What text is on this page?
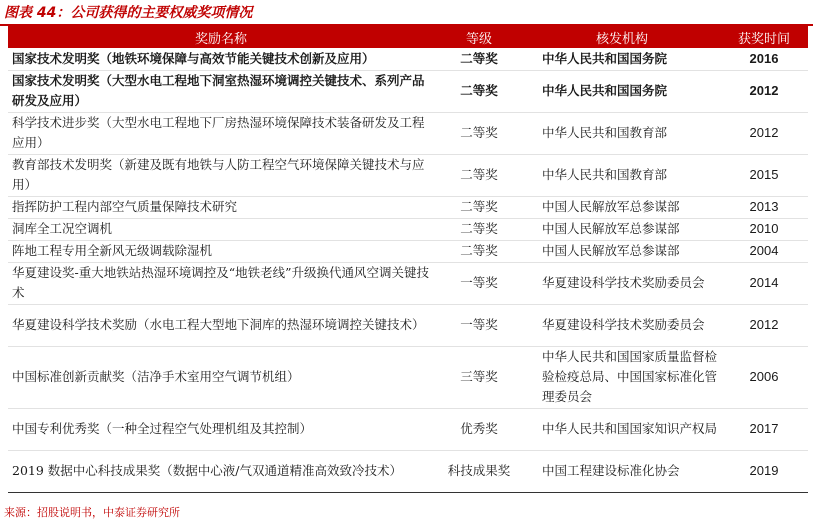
图表 44：公司获得的主要权威奖项情况
奖励名称	等级	核发机构	获奖时间
国家技术发明奖（地铁环境保障与高效节能关键技术创新及应用）	二等奖	中华人民共和国国务院	2016
国家技术发明奖（大型水电工程地下洞室热湿环境调控关键技术、系列产品研发及应用）	二等奖	中华人民共和国国务院	2012
科学技术进步奖（大型水电工程地下厂房热湿环境保障技术装备研发及工程应用）	二等奖	中华人民共和国教育部	2012
教育部技术发明奖（新建及既有地铁与人防工程空气环境保障关键技术与应用）	二等奖	中华人民共和国教育部	2015
指挥防护工程内部空气质量保障技术研究	二等奖	中国人民解放军总参谋部	2013
洞库全工况空调机	二等奖	中国人民解放军总参谋部	2010
阵地工程专用全新风无级调载除湿机	二等奖	中国人民解放军总参谋部	2004
华夏建设奖-重大地铁站热湿环境调控及“地铁老线”升级换代通风空调关键技术	一等奖	华夏建设科学技术奖励委员会	2014
华夏建设科学技术奖励（水电工程大型地下洞库的热湿环境调控关键技术）	一等奖	华夏建设科学技术奖励委员会	2012
中国标准创新贡献奖（洁净手术室用空气调节机组）	三等奖	中华人民共和国国家质量监督检验检疫总局、中国国家标准化管理委员会	2006
中国专利优秀奖（一种全过程空气处理机组及其控制）	优秀奖	中华人民共和国国家知识产权局	2017
2019 数据中心科技成果奖（数据中心液/气双通道精准高效致冷技术）	科技成果奖	中国工程建设标准化协会	2019
来源：招股说明书，中泰证券研究所
